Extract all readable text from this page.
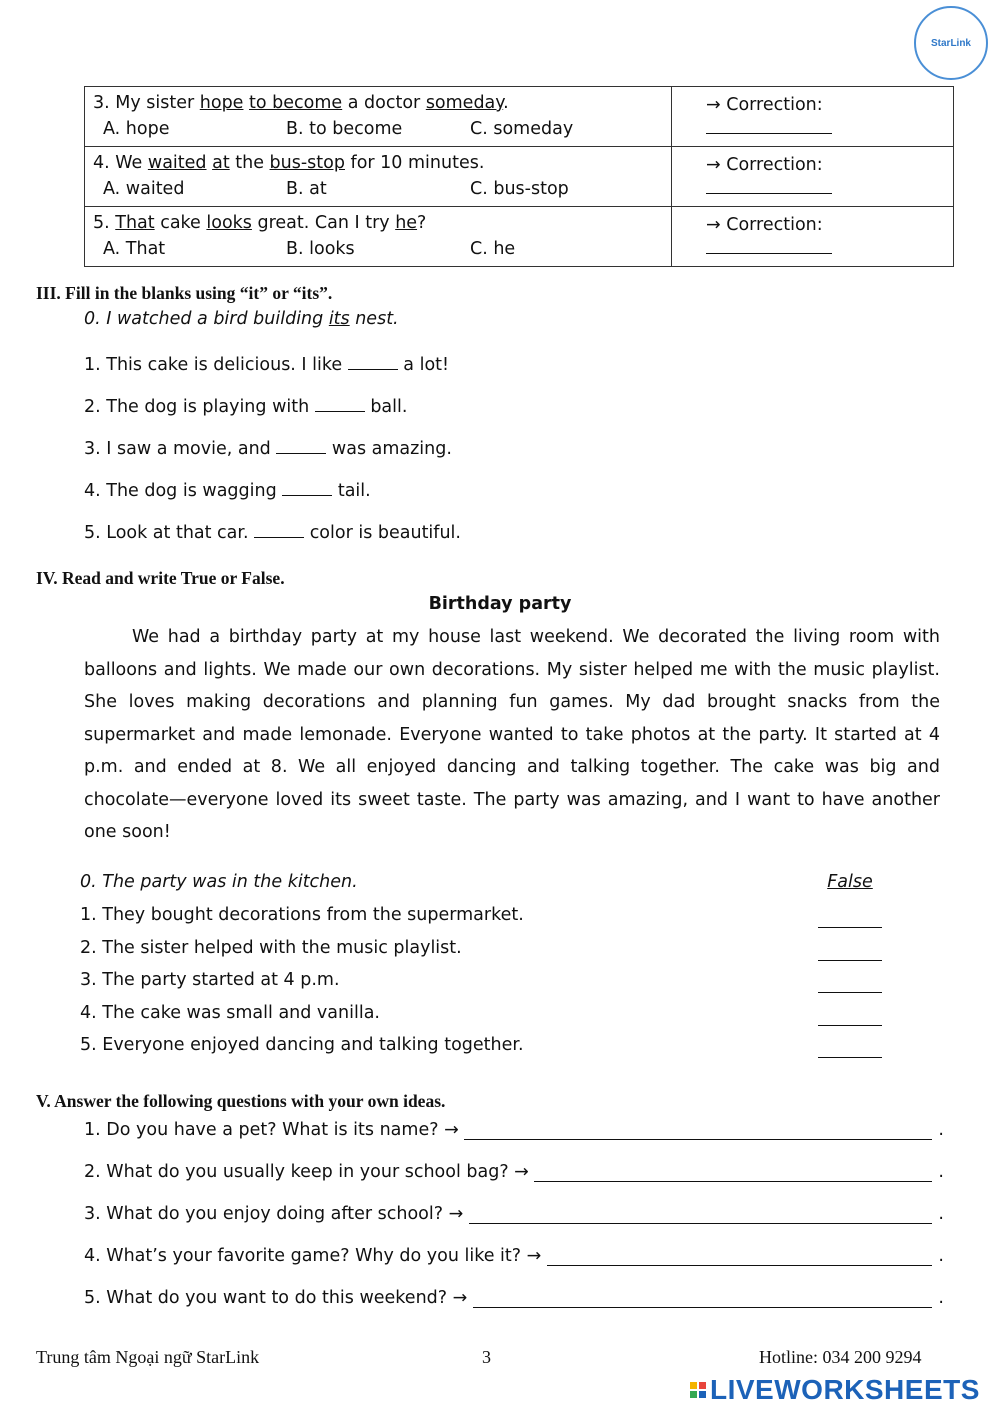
StarLink
3. My sister hope to become a doctor someday.
A. hope B. to become C. someday	→ Correction:

4. We waited at the bus-stop for 10 minutes.
A. waited B. at C. bus-stop	→ Correction:

5. That cake looks great. Can I try he?
A. That B. looks C. he	→ Correction:
III. Fill in the blanks using “it” or “its”.
0. I watched a bird building its nest.
1. This cake is delicious. I like	a lot!
2. The dog is playing with	ball.
3. I saw a movie, and	was amazing.
4. The dog is wagging	tail.
5. Look at that car.	color is beautiful.
IV. Read and write True or False.
Birthday party

We had a birthday party at my house last weekend. We decorated the living room with balloons and lights. We made our own decorations. My sister helped me with the music playlist. She loves making decorations and planning fun games. My dad brought snacks from the supermarket and made lemonade. Everyone wanted to take photos at the party. It started at 4 p.m. and ended at 8. We all enjoyed dancing and talking together. The cake was big and chocolate—everyone loved its sweet taste. The party was amazing, and I want to have another one soon!

0. The party was in the kitchen.	False
1. They bought decorations from the supermarket.
2. The sister helped with the music playlist.
3. The party started at 4 p.m.
4. The cake was small and vanilla.
5. Everyone enjoyed dancing and talking together.
V. Answer the following questions with your own ideas.
1. Do you have a pet? What is its name? →	.
2. What do you usually keep in your school bag? →	.
3. What do you enjoy doing after school? →	.
4. What’s your favorite game? Why do you like it? →	.
5. What do you want to do this weekend? →	.
Trung tâm Ngoại ngữ StarLink	3	Hotline: 034 200 9294
LIVEWORKSHEETS
